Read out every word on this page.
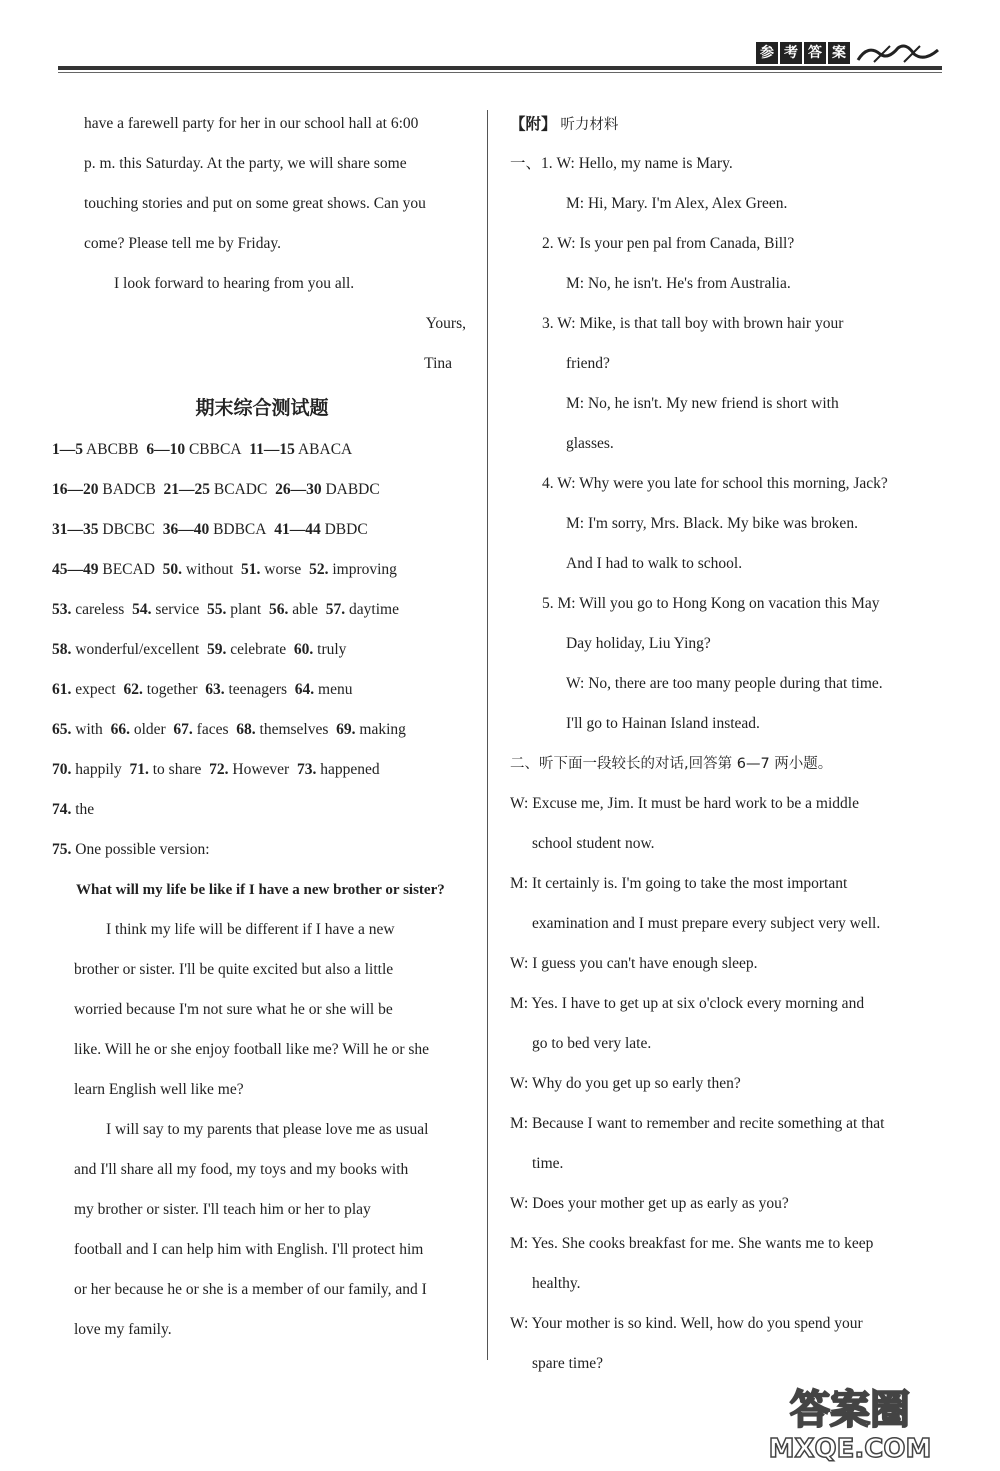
参 考 答 案
have a farewell party for her in our school hall at 6:00
p. m. this Saturday. At the party, we will share some
touching stories and put on some great shows. Can you
come? Please tell me by Friday.
I look forward to hearing from you all.
Yours,
Tina
期末综合测试题
1—5 ABCBB 6—10 CBBCA 11—15 ABACA
16—20 BADCB 21—25 BCADC 26—30 DABDC
31—35 DBCBC 36—40 BDBCA 41—44 DBDC
45—49 BECAD 50. without 51. worse 52. improving
53. careless 54. service 55. plant 56. able 57. daytime
58. wonderful/excellent 59. celebrate 60. truly
61. expect 62. together 63. teenagers 64. menu
65. with 66. older 67. faces 68. themselves 69. making
70. happily 71. to share 72. However 73. happened
74. the
75. One possible version:
What will my life be like if I have a new brother or sister?
I think my life will be different if I have a new
brother or sister. I'll be quite excited but also a little
worried because I'm not sure what he or she will be
like. Will he or she enjoy football like me? Will he or she
learn English well like me?
I will say to my parents that please love me as usual
and I'll share all my food, my toys and my books with
my brother or sister. I'll teach him or her to play
football and I can help him with English. I'll protect him
or her because he or she is a member of our family, and I
love my family.
【附】 听力材料
一、1. W: Hello, my name is Mary.
M: Hi, Mary. I'm Alex, Alex Green.
2. W: Is your pen pal from Canada, Bill?
M: No, he isn't. He's from Australia.
3. W: Mike, is that tall boy with brown hair your
friend?
M: No, he isn't. My new friend is short with
glasses.
4. W: Why were you late for school this morning, Jack?
M: I'm sorry, Mrs. Black. My bike was broken.
And I had to walk to school.
5. M: Will you go to Hong Kong on vacation this May
Day holiday, Liu Ying?
W: No, there are too many people during that time.
I'll go to Hainan Island instead.
二、听下面一段较长的对话,回答第 6—7 两小题。
W: Excuse me, Jim. It must be hard work to be a middle
school student now.
M: It certainly is. I'm going to take the most important
examination and I must prepare every subject very well.
W: I guess you can't have enough sleep.
M: Yes. I have to get up at six o'clock every morning and
go to bed very late.
W: Why do you get up so early then?
M: Because I want to remember and recite something at that
time.
W: Does your mother get up as early as you?
M: Yes. She cooks breakfast for me. She wants me to keep
healthy.
W: Your mother is so kind. Well, how do you spend your
spare time?
答案圈
MXQE.COM
